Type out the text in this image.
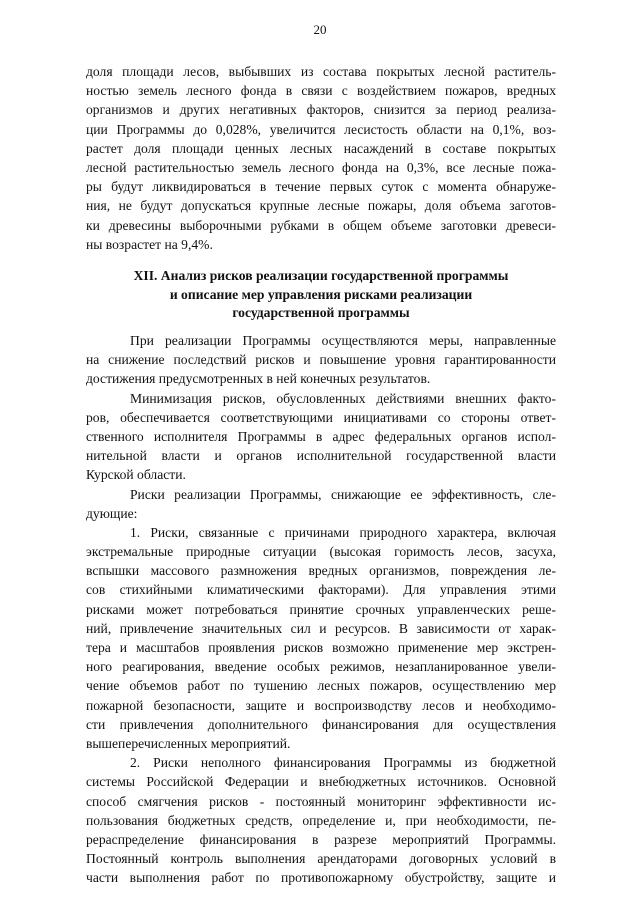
20
доля площади лесов, выбывших из состава покрытых лесной раститель-
ностью земель лесного фонда в связи с воздействием пожаров, вредных
организмов и других негативных факторов, снизится за период реализа-
ции Программы до 0,028%, увеличится лесистость области на 0,1%, воз-
растет доля площади ценных лесных насаждений в составе покрытых
лесной растительностью земель лесного фонда на 0,3%, все лесные пожа-
ры будут ликвидироваться в течение первых суток с момента обнаруже-
ния, не будут допускаться крупные лесные пожары, доля объема заготов-
ки древесины выборочными рубками в общем объеме заготовки древеси-
ны возрастет на 9,4%.
XII. Анализ рисков реализации государственной программы
и описание мер управления рисками реализации
государственной программы
При реализации Программы осуществляются меры, направленные
на снижение последствий рисков и повышение уровня гарантированности
достижения предусмотренных в ней конечных результатов.
Минимизация рисков, обусловленных действиями внешних факто-
ров, обеспечивается соответствующими инициативами со стороны ответ-
ственного исполнителя Программы в адрес федеральных органов испол-
нительной власти и органов исполнительной государственной власти
Курской области.
Риски реализации Программы, снижающие ее эффективность, сле-
дующие:
1. Риски, связанные с причинами природного характера, включая
экстремальные природные ситуации (высокая горимость лесов, засуха,
вспышки массового размножения вредных организмов, повреждения ле-
сов стихийными климатическими факторами). Для управления этими
рисками может потребоваться принятие срочных управленческих реше-
ний, привлечение значительных сил и ресурсов. В зависимости от харак-
тера и масштабов проявления рисков возможно применение мер экстрен-
ного реагирования, введение особых режимов, незапланированное увели-
чение объемов работ по тушению лесных пожаров, осуществлению мер
пожарной безопасности, защите и воспроизводству лесов и необходимо-
сти привлечения дополнительного финансирования для осуществления
вышеперечисленных мероприятий.
2. Риски неполного финансирования Программы из бюджетной
системы Российской Федерации и внебюджетных источников. Основной
способ смягчения рисков - постоянный мониторинг эффективности ис-
пользования бюджетных средств, определение и, при необходимости, пе-
рераспределение финансирования в разрезе мероприятий Программы.
Постоянный контроль выполнения арендаторами договорных условий в
части выполнения работ по противопожарному обустройству, защите и
